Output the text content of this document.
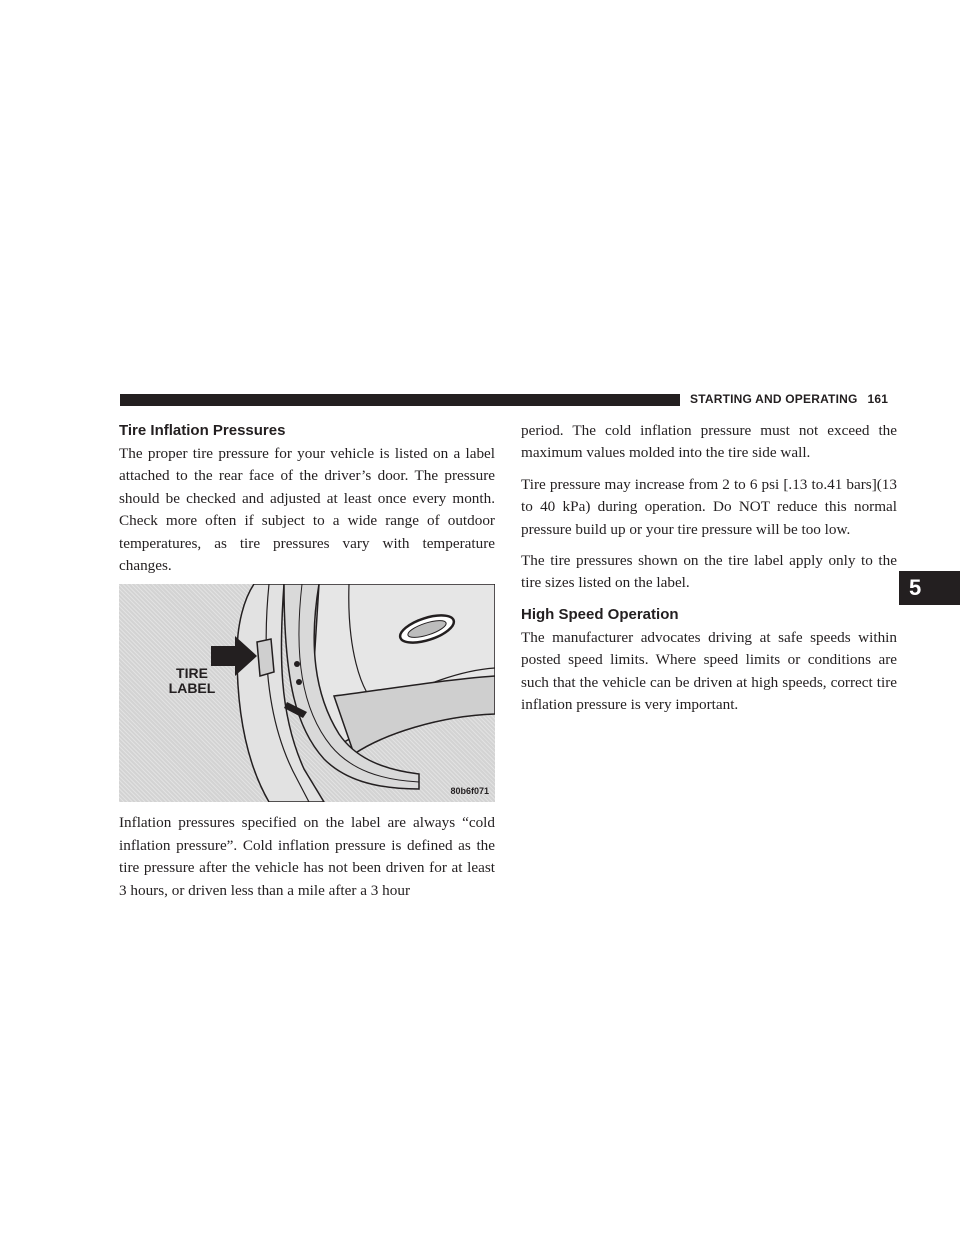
STARTING AND OPERATING 161
Tire Inflation Pressures

The proper tire pressure for your vehicle is listed on a label attached to the rear face of the driver’s door. The pressure should be checked and adjusted at least once every month. Check more often if subject to a wide range of outdoor temperatures, as tire pressures vary with temperature changes.

TIRE
LABEL
80b6f071

Inflation pressures specified on the label are always “cold inflation pressure”. Cold inflation pressure is defined as the tire pressure after the vehicle has not been driven for at least 3 hours, or driven less than a mile after a 3 hour

period. The cold inflation pressure must not exceed the maximum values molded into the tire side wall.

Tire pressure may increase from 2 to 6 psi [.13 to.41 bars](13 to 40 kPa) during operation. Do NOT reduce this normal pressure build up or your tire pressure will be too low.

The tire pressures shown on the tire label apply only to the tire sizes listed on the label.

High Speed Operation

The manufacturer advocates driving at safe speeds within posted speed limits. Where speed limits or conditions are such that the vehicle can be driven at high speeds, correct tire inflation pressure is very important.

5
